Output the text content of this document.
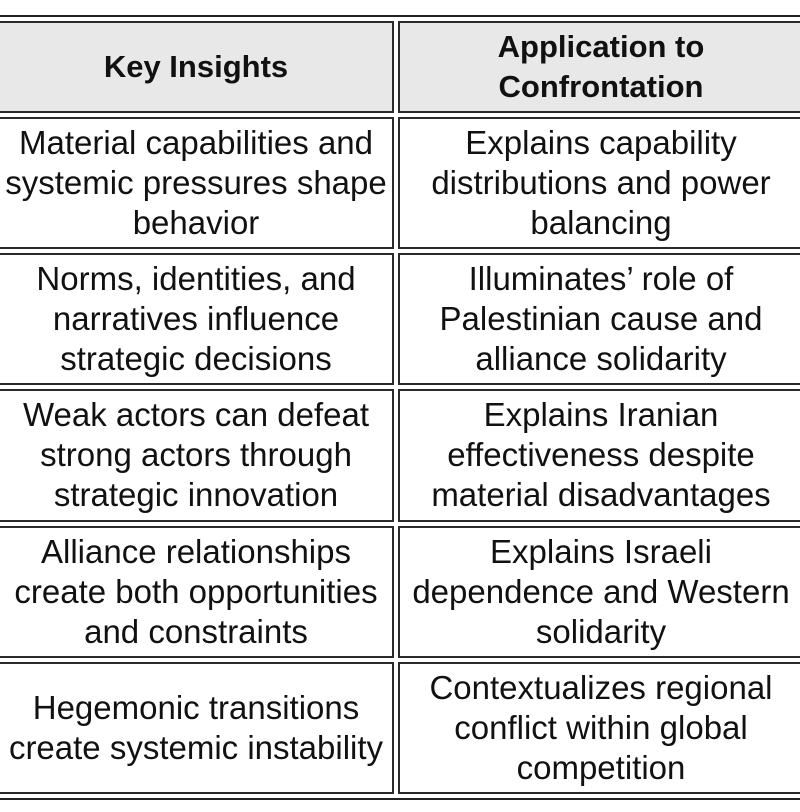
Key Insights	Application to Confrontation
Material capabilities and systemic pressures shape behavior	Explains capability distributions and power balancing
Norms, identities, and narratives influence strategic decisions	Illuminates’ role of Palestinian cause and alliance solidarity
Weak actors can defeat strong actors through strategic innovation	Explains Iranian effectiveness despite material disadvantages
Alliance relationships create both opportunities and constraints	Explains Israeli dependence and Western solidarity
Hegemonic transitions create systemic instability	Contextualizes regional conflict within global competition
